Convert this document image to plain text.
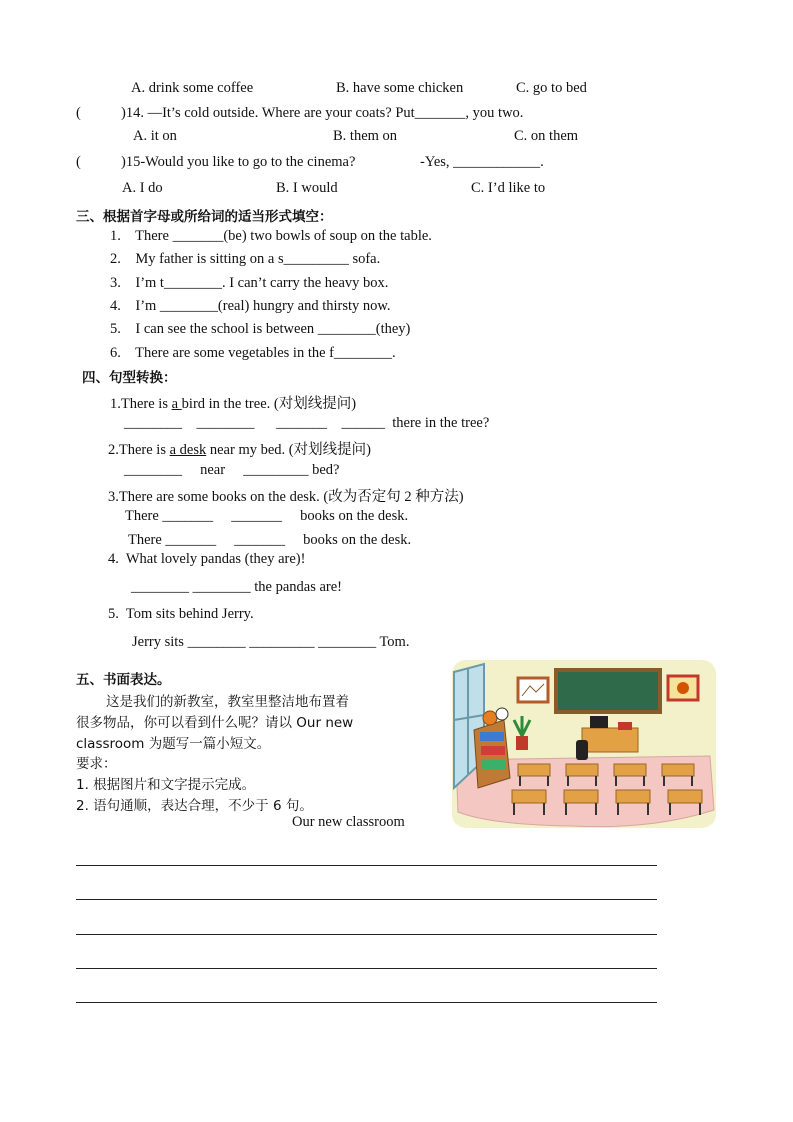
A. drink some coffee	B. have some chicken	C. go to bed
(	)14. —It’s cold outside. Where are your coats? Put_______, you two.
A. it on	B. them on	C. on them
(	)15-Would you like to go to the cinema?	-Yes, ____________.
A. I do	B. I would	C. I’d like to
三、根据首字母或所给词的适当形式填空：
1. There _______(be) two bowls of soup on the table.
2. My father is sitting on a s_________ sofa.
3. I’m t________. I can’t carry the heavy box.
4. I’m ________(real) hungry and thirsty now.
5. I can see the school is between ________(they)
6. There are some vegetables in the f________.
四、句型转换：
1.There is a bird in the tree. (对划线提问)
________ ________ _______ ______ there in the tree?
2.There is a desk near my bed. (对划线提问)
________     near     _________ bed?
3.There are some books on the desk. (改为否定句 2 种方法)
There _______     _______     books on the desk.
There _______     _______     books on the desk.
4. What lovely pandas (they are)!
________ ________ the pandas are!
5. Tom sits behind Jerry.
Jerry sits ________ _________ ________ Tom.
五、书面表达。
这是我们的新教室，教室里整洁地布置着
很多物品，你可以看到什么呢？请以 Our new
classroom 为题写一篇小短文。
要求：
1. 根据图片和文字提示完成。
2. 语句通顺，表达合理，不少于 6 句。
Our new classroom
